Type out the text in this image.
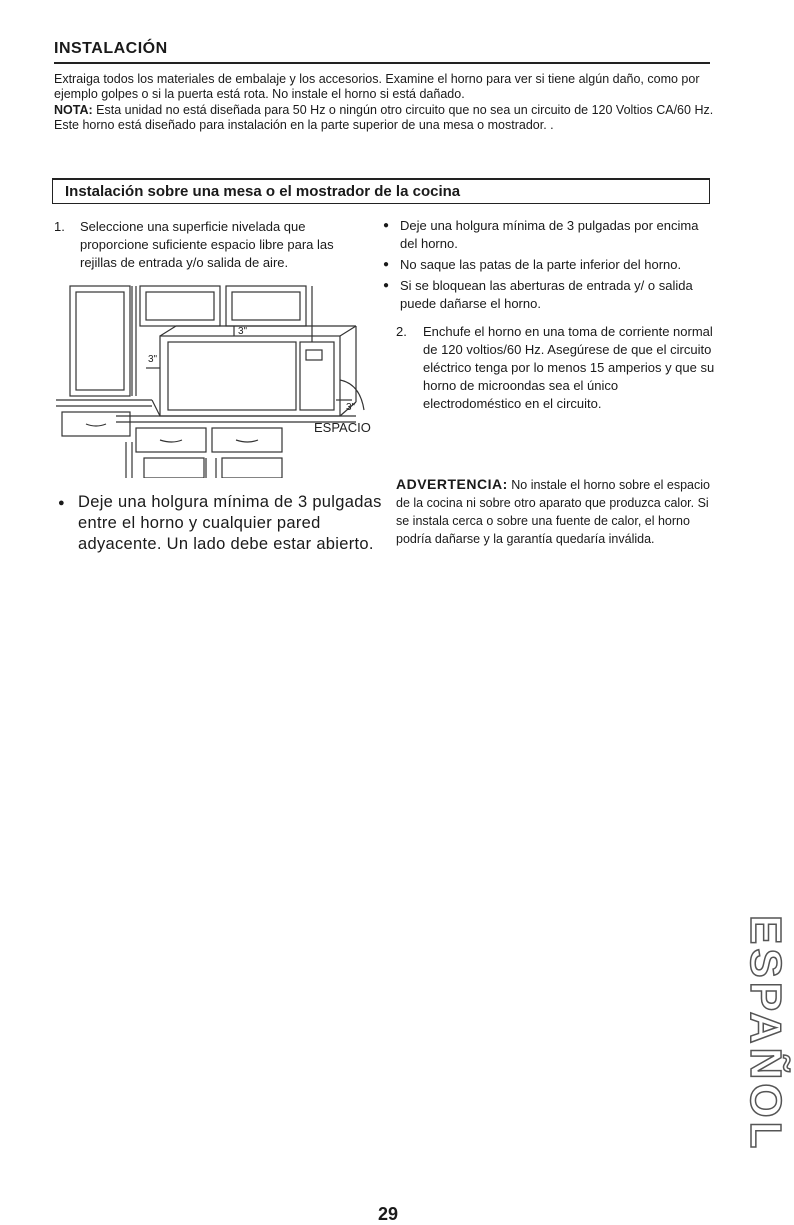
INSTALACIÓN

Extraiga todos los materiales de embalaje y los accesorios. Examine el horno para ver si tiene algún daño, como por ejemplo golpes o si la puerta está rota. No instale el horno si está dañado.

NOTA: Esta unidad no está diseñada para 50 Hz o ningún otro circuito que no sea un circuito de 120 Voltios CA/60 Hz. Este horno está diseñado para instalación en la parte superior de una mesa o mostrador. .

Instalación sobre una mesa o el mostrador de la cocina
1. Seleccione una superficie nivelada que proporcione suficiente espacio libre para las rejillas de entrada y/o salida de aire.
3"
3"
3"
ESPACIO
● Deje una holgura mínima de 3 pulgadas entre el horno y cualquier pared adyacente. Un lado debe estar abierto.
● Deje una holgura mínima de 3 pulgadas por encima del horno.
● No saque las patas de la parte inferior del horno.
● Si se bloquean las aberturas de entrada y/ o salida puede dañarse el horno.
2. Enchufe el horno en una toma de corriente normal de 120 voltios/60 Hz. Asegúrese de que el circuito eléctrico tenga por lo menos 15 amperios y que su horno de microondas sea el único electrodoméstico en el circuito.
ADVERTENCIA: No instale el horno sobre el espacio de la cocina ni sobre otro aparato que produzca calor. Si se instala cerca o sobre una fuente de calor, el horno podría dañarse y la garantía quedaría inválida.
ESPAÑOL
29
